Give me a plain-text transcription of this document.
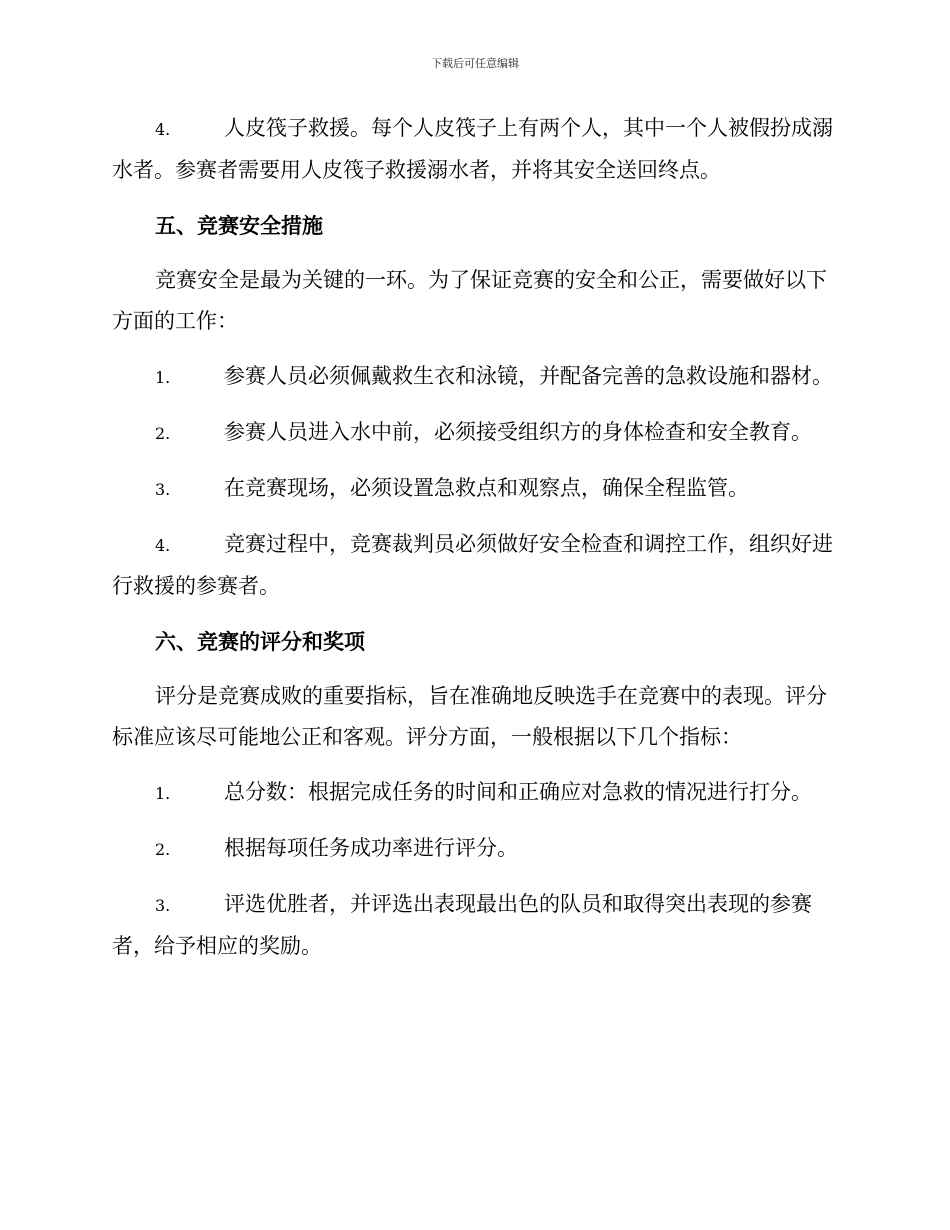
下载后可任意编辑

4.	人皮筏子救援。每个人皮筏子上有两个人，其中一个人被假扮成溺水者。参赛者需要用人皮筏子救援溺水者，并将其安全送回终点。

五、竞赛安全措施

竞赛安全是最为关键的一环。为了保证竞赛的安全和公正，需要做好以下方面的工作：

1.	参赛人员必须佩戴救生衣和泳镜，并配备完善的急救设施和器材。

2.	参赛人员进入水中前，必须接受组织方的身体检查和安全教育。

3.	在竞赛现场，必须设置急救点和观察点，确保全程监管。

4.	竞赛过程中，竞赛裁判员必须做好安全检查和调控工作，组织好进行救援的参赛者。

六、竞赛的评分和奖项

评分是竞赛成败的重要指标，旨在准确地反映选手在竞赛中的表现。评分标准应该尽可能地公正和客观。评分方面，一般根据以下几个指标：

1.	总分数：根据完成任务的时间和正确应对急救的情况进行打分。

2.	根据每项任务成功率进行评分。

3.	评选优胜者，并评选出表现最出色的队员和取得突出表现的参赛者，给予相应的奖励。
